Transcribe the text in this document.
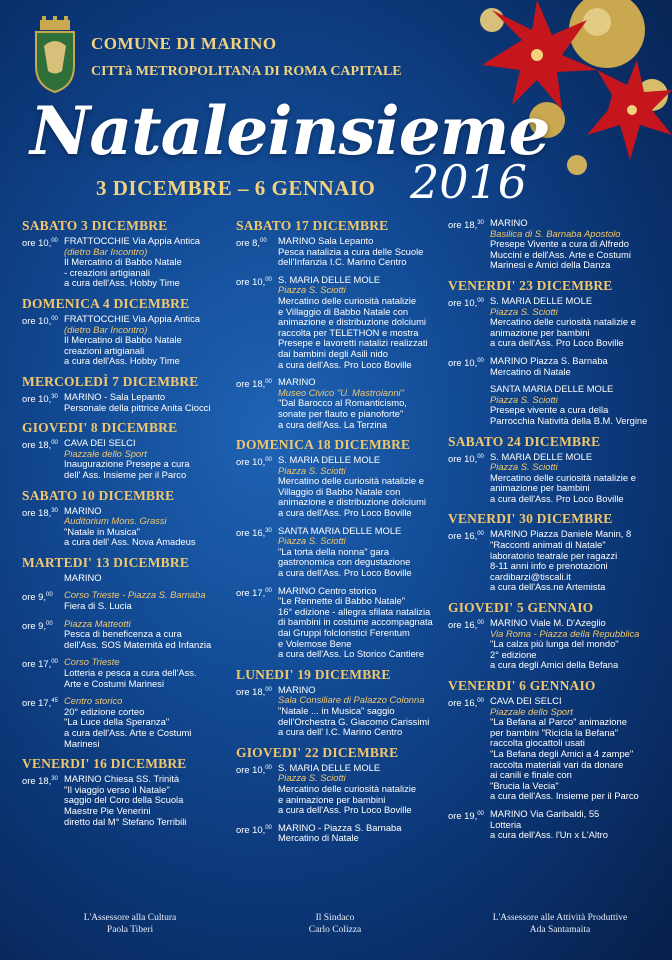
COMUNE DI MARINO
CITTà METROPOLITANA DI ROMA CAPITALE
Nataleinsieme
2016
3 DICEMBRE – 6 GENNAIO
SABATO 3 DICEMBRE
ore 10,00 FRATTOCCHIE Via Appia Antica
(dietro Bar Incontro)
Il Mercatino di Babbo Natale
- creazioni artigianali
a cura dell'Ass. Hobby Time
DOMENICA 4 DICEMBRE
ore 10,00 FRATTOCCHIE Via Appia Antica
(dietro Bar Incontro)
Il Mercatino di Babbo Natale
creazioni artigianali
a cura dell'Ass. Hobby Time
MERCOLEDÌ 7 DICEMBRE
ore 10,30 MARINO - Sala Lepanto
Personale della pittrice Anita Ciocci
GIOVEDI' 8 DICEMBRE
ore 18,00 CAVA DEI SELCI
Piazzale dello Sport
Inaugurazione Presepe a cura
dell' Ass. Insieme per il Parco
SABATO 10 DICEMBRE
ore 18,30 MARINO
Auditorium Mons. Grassi
"Natale in Musica"
a cura dell' Ass. Nova Amadeus
MARTEDI' 13 DICEMBRE
MARINO
ore 9,00	Corso Trieste - Piazza S. Barnaba
Fiera di S. Lucia
ore 9,00	Piazza Matteotti
Pesca di beneficenza a cura
dell'Ass. SOS Maternità ed Infanzia
ore 17,00 Corso Trieste
Lotteria e pesca a cura dell'Ass.
Arte e Costumi Marinesi
ore 17,45 Centro storico
20° edizione corteo
"La Luce della Speranza"
a cura dell'Ass. Arte e Costumi
Marinesi
VENERDI' 16 DICEMBRE
ore 18,30 MARINO Chiesa SS. Trinità
"Il viaggio verso il Natale"
saggio del Coro della Scuola
Maestre Pie Venerini
diretto dal M° Stefano Terribili
SABATO 17 DICEMBRE
ore 8,00	MARINO Sala Lepanto
Pesca natalizia a cura delle Scuole
dell'Infanzia I.C. Marino Centro
ore 10,00 S. MARIA DELLE MOLE
Piazza S. Sciotti
Mercatino delle curiosità natalizie
e Villaggio di Babbo Natale con
animazione e distribuzione dolciumi
raccolta per TELETHON e mostra
Presepe e lavoretti natalizi realizzati
dai bambini degli Asili nido
a cura dell'Ass. Pro Loco Boville
ore 18,00 MARINO
Museo Civico "U. Mastroianni"
"Dal Barocco al Romanticismo,
sonate per flauto e pianoforte"
a cura dell'Ass. La Terzina
DOMENICA 18 DICEMBRE
ore 10,00 S. MARIA DELLE MOLE
Piazza S. Sciotti
Mercatino delle curiosità natalizie e
Villaggio di Babbo Natale con
animazione e distribuzione dolciumi
a cura dell'Ass. Pro Loco Boville
ore 16,30 SANTA MARIA DELLE MOLE
Piazza S. Sciotti
"La torta della nonna" gara
gastronomica con degustazione
a cura dell'Ass. Pro Loco Boville
ore 17,00 MARINO Centro storico
"Le Rennette di Babbo Natale"
16° edizione - allegra sfilata natalizia
di bambini in costume accompagnata
dai Gruppi folcloristici Ferentum
e Volemose Bene
a cura dell'Ass. Lo Storico Cantiere
LUNEDI' 19 DICEMBRE
ore 18,00 MARINO
Sala Consiliare di Palazzo Colonna
"Natale ... in Musica" saggio
dell'Orchestra G. Giacomo Carissimi
a cura dell' I.C. Marino Centro
GIOVEDI' 22 DICEMBRE
ore 10,00 S. MARIA DELLE MOLE
Piazza S. Sciotti
Mercatino delle curiosità natalizie
e animazione per bambini
a cura dell'Ass. Pro Loco Boville
ore 10,00 MARINO - Piazza S. Barnaba
Mercatino di Natale
ore 18,30 MARINO
Basilica di S. Barnaba Apostolo
Presepe Vivente a cura di Alfredo
Muccini e dell'Ass. Arte e Costumi
Marinesi e Amici della Danza
VENERDI' 23 DICEMBRE
ore 10,00 S. MARIA DELLE MOLE
Piazza S. Sciotti
Mercatino delle curiosità natalizie e
animazione per bambini
a cura dell'Ass. Pro Loco Boville
ore 10,00 MARINO Piazza S. Barnaba
Mercatino di Natale
SANTA MARIA DELLE MOLE
Piazza S. Sciotti
Presepe vivente a cura della
Parrocchia Natività della B.M. Vergine
SABATO 24 DICEMBRE
ore 10,00 S. MARIA DELLE MOLE
Piazza S. Sciotti
Mercatino delle curiosità natalizie e
animazione per bambini
a cura dell'Ass. Pro Loco Boville
VENERDI' 30 DICEMBRE
ore 16,00 MARINO Piazza Daniele Manin, 8
"Racconti animati di Natale"
laboratorio teatrale per ragazzi
8-11 anni info e prenotazioni
cardibarzi@tiscali.it
a cura dell'Ass.ne Artemista
GIOVEDI' 5 GENNAIO
ore 16,00 MARINO Viale M. D'Azeglio
Via Roma - Piazza della Repubblica
"La calza più lunga del mondo"
2° edizione
a cura degli Amici della Befana
VENERDI' 6 GENNAIO
ore 16,00 CAVA DEI SELCI
Piazzale dello Sport
"La Befana al Parco" animazione
per bambini "Ricicla la Befana"
raccolta giocattoli usati
"La Befana degli Amici a 4 zampe"
raccolta materiali vari da donare
ai canili e finale con
"Brucia la Vecia"
a cura dell'Ass. Insieme per il Parco
ore 19,00 MARINO Via Garibaldi, 55
Lotteria
a cura dell'Ass. l'Un x L'Altro
L'Assessore alla Cultura
Paola Tiberi
Il Sindaco
Carlo Colizza
L'Assessore alle Attività Produttive
Ada Santamaita
